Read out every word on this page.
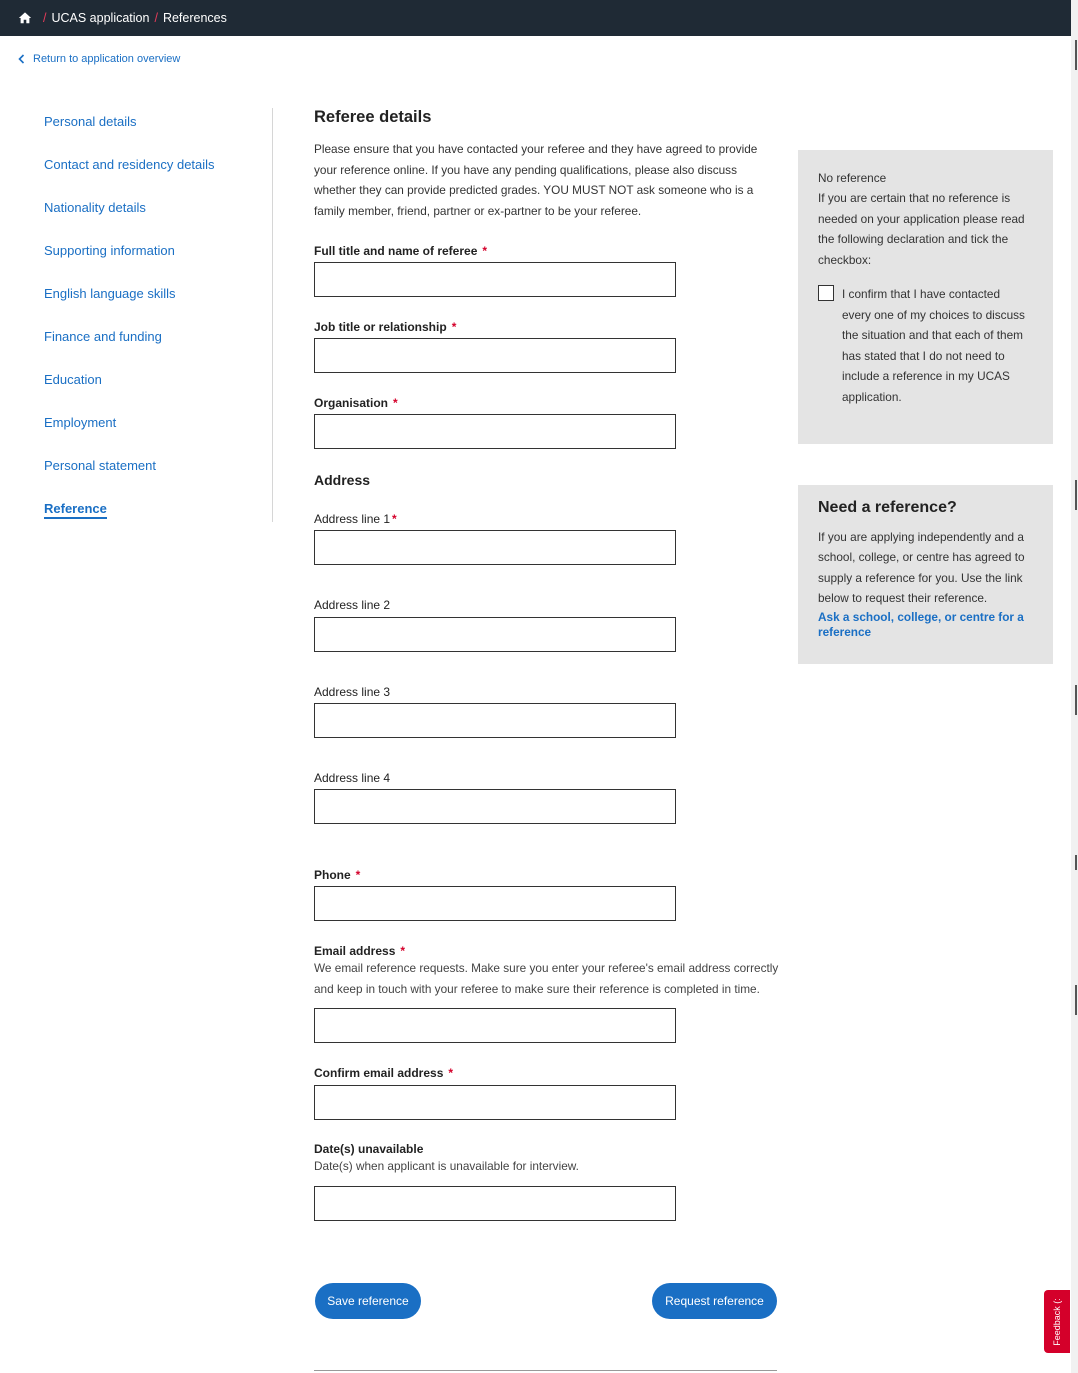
/ UCAS application / References
Return to application overview
Personal details
Contact and residency details
Nationality details
Supporting information
English language skills
Finance and funding
Education
Employment
Personal statement
Reference
Referee details

Please ensure that you have contacted your referee and they have agreed to provide your reference online. If you have any pending qualifications, please also discuss whether they can provide predicted grades. YOU MUST NOT ask someone who is a family member, friend, partner or ex-partner to be your referee.

Full title and name of referee *
Job title or relationship *
Organisation *
Address
Address line 1 *
Address line 2
Address line 3
Address line 4
Phone *
Email address *

We email reference requests. Make sure you enter your referee's email address correctly and keep in touch with your referee to make sure their reference is completed in time.

Confirm email address *
Date(s) unavailable

Date(s) when applicant is unavailable for interview.

Save reference	Request reference

No reference

If you are certain that no reference is needed on your application please read the following declaration and tick the checkbox:

I confirm that I have contacted every one of my choices to discuss the situation and that each of them has stated that I do not need to include a reference in my UCAS application.

Need a reference?

If you are applying independently and a school, college, or centre has agreed to supply a reference for you. Use the link below to request their reference.

Ask a school, college, or centre for a reference
Feedback (:
